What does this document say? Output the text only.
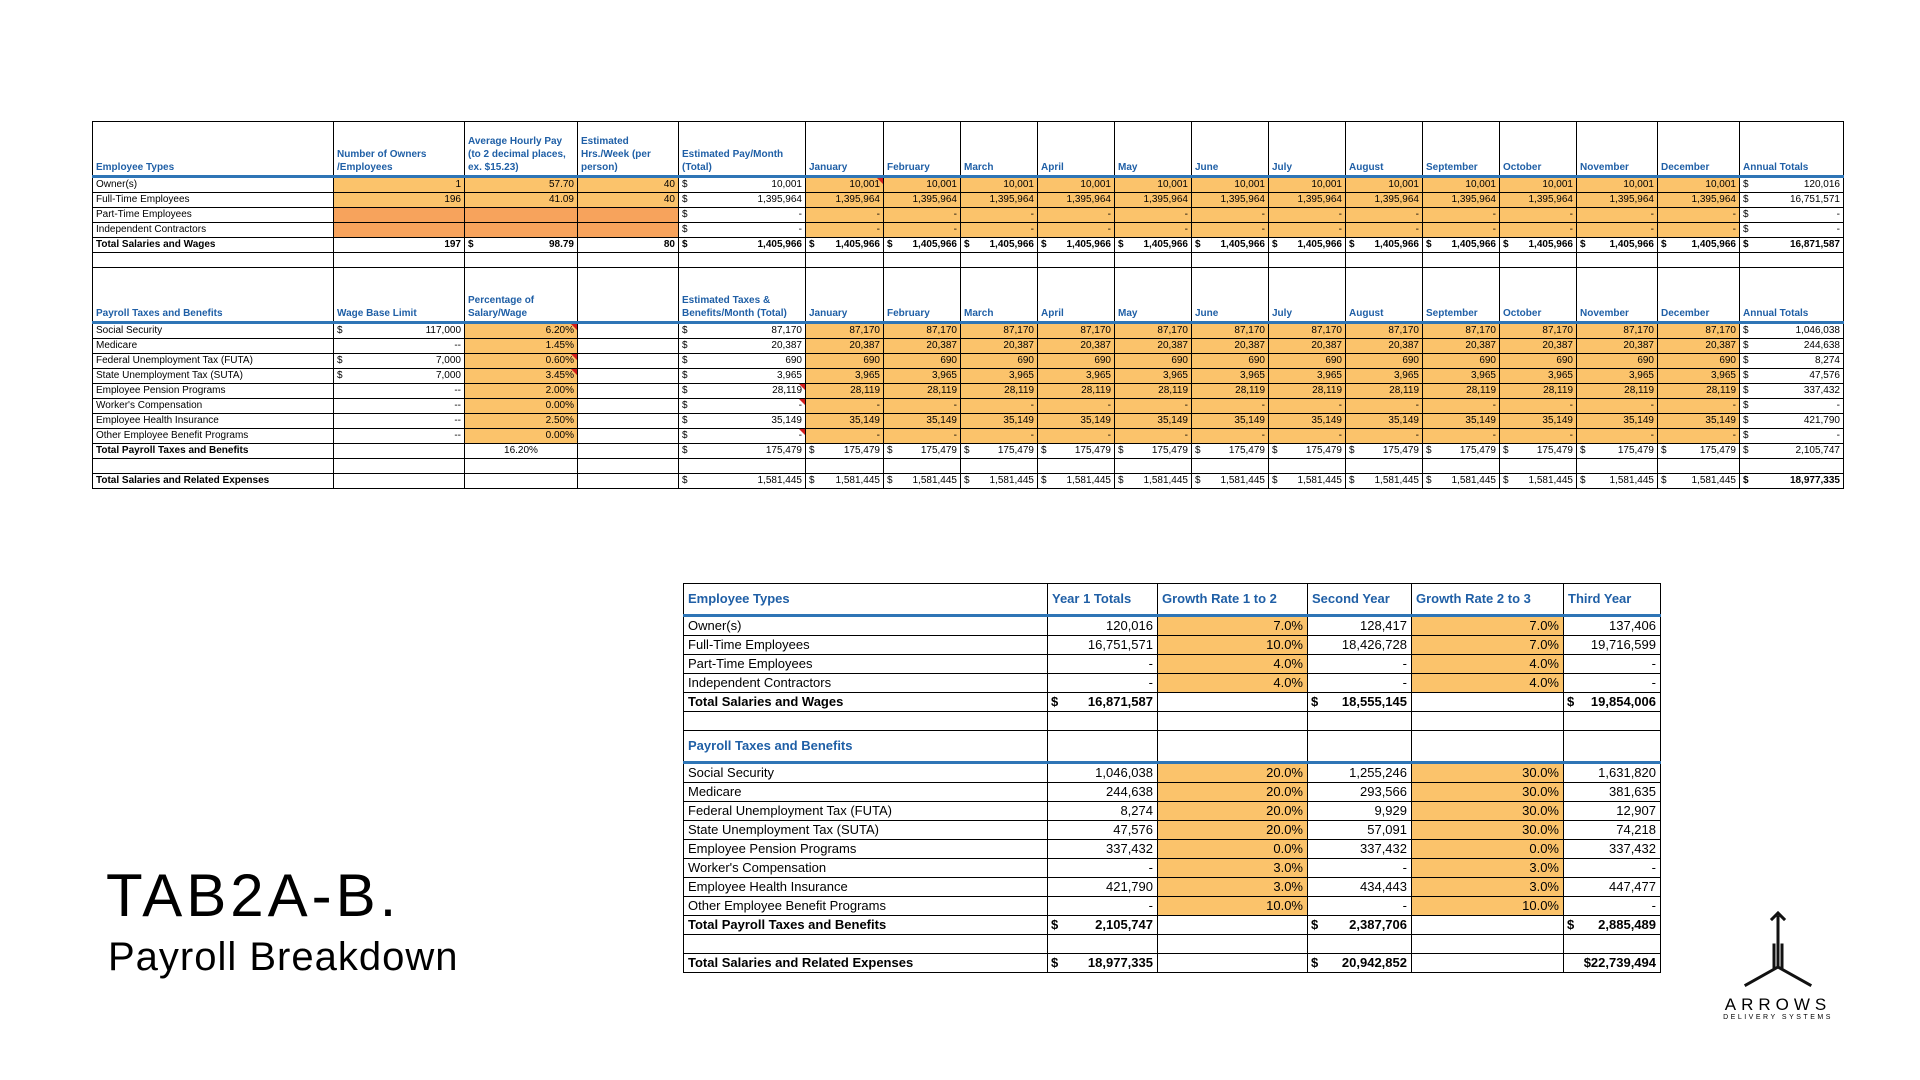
Employee Types	Number of Owners /Employees	Average Hourly Pay (to 2 decimal places, ex. $15.23)	Estimated Hrs./Week (per person)	Estimated Pay/Month (Total)	January	February	March	April	May	June	July	August	September	October	November	December	Annual Totals
Owner(s)	1	57.70	40	$ 10,001	10,001	10,001	10,001	10,001	10,001	10,001	10,001	10,001	10,001	10,001	10,001	10,001	$ 120,016
Full-Time Employees	196	41.09	40	$ 1,395,964	1,395,964	1,395,964	1,395,964	1,395,964	1,395,964	1,395,964	1,395,964	1,395,964	1,395,964	1,395,964	1,395,964	1,395,964	$ 16,751,571
Part-Time Employees				$ -	-	-	-	-	-	-	-	-	-	-	-	-	$ -
Independent Contractors				$ -	-	-	-	-	-	-	-	-	-	-	-	-	$ -
Total Salaries and Wages	197	$ 98.79	80	$ 1,405,966	$ 1,405,966	$ 1,405,966	$ 1,405,966	$ 1,405,966	$ 1,405,966	$ 1,405,966	$ 1,405,966	$ 1,405,966	$ 1,405,966	$ 1,405,966	$ 1,405,966	$ 1,405,966	$ 16,871,587

Payroll Taxes and Benefits	Wage Base Limit	Percentage of Salary/Wage		Estimated Taxes & Benefits/Month (Total)	January	February	March	April	May	June	July	August	September	October	November	December	Annual Totals
Social Security	$ 117,000	6.20%		$ 87,170	87,170	87,170	87,170	87,170	87,170	87,170	87,170	87,170	87,170	87,170	87,170	87,170	$ 1,046,038
Medicare	--	1.45%		$ 20,387	20,387	20,387	20,387	20,387	20,387	20,387	20,387	20,387	20,387	20,387	20,387	20,387	$ 244,638
Federal Unemployment Tax (FUTA)	$ 7,000	0.60%		$ 690	690	690	690	690	690	690	690	690	690	690	690	690	$ 8,274
State Unemployment Tax (SUTA)	$ 7,000	3.45%		$ 3,965	3,965	3,965	3,965	3,965	3,965	3,965	3,965	3,965	3,965	3,965	3,965	3,965	$ 47,576
Employee Pension Programs	--	2.00%		$ 28,119	28,119	28,119	28,119	28,119	28,119	28,119	28,119	28,119	28,119	28,119	28,119	28,119	$ 337,432
Worker's Compensation	--	0.00%		$ -	-	-	-	-	-	-	-	-	-	-	-	-	$ -
Employee Health Insurance	--	2.50%		$ 35,149	35,149	35,149	35,149	35,149	35,149	35,149	35,149	35,149	35,149	35,149	35,149	35,149	$ 421,790
Other Employee Benefit Programs	--	0.00%		$ -	-	-	-	-	-	-	-	-	-	-	-	-	$ -
Total Payroll Taxes and Benefits		16.20%		$ 175,479	$ 175,479	$ 175,479	$ 175,479	$ 175,479	$ 175,479	$ 175,479	$ 175,479	$ 175,479	$ 175,479	$ 175,479	$ 175,479	$ 175,479	$ 2,105,747

Total Salaries and Related Expenses				$ 1,581,445	$ 1,581,445	$ 1,581,445	$ 1,581,445	$ 1,581,445	$ 1,581,445	$ 1,581,445	$ 1,581,445	$ 1,581,445	$ 1,581,445	$ 1,581,445	$ 1,581,445	$ 1,581,445	$ 18,977,335
Employee Types	Year 1 Totals	Growth Rate 1 to 2	Second Year	Growth Rate 2 to 3	Third Year
Owner(s)	120,016	7.0%	128,417	7.0%	137,406
Full-Time Employees	16,751,571	10.0%	18,426,728	7.0%	19,716,599
Part-Time Employees	-	4.0%	-	4.0%	-
Independent Contractors	-	4.0%	-	4.0%	-
Total Salaries and Wages	$ 16,871,587		$ 18,555,145		$ 19,854,006

Payroll Taxes and Benefits					
Social Security	1,046,038	20.0%	1,255,246	30.0%	1,631,820
Medicare	244,638	20.0%	293,566	30.0%	381,635
Federal Unemployment Tax (FUTA)	8,274	20.0%	9,929	30.0%	12,907
State Unemployment Tax (SUTA)	47,576	20.0%	57,091	30.0%	74,218
Employee Pension Programs	337,432	0.0%	337,432	0.0%	337,432
Worker's Compensation	-	3.0%	-	3.0%	-
Employee Health Insurance	421,790	3.0%	434,443	3.0%	447,477
Other Employee Benefit Programs	-	10.0%	-	10.0%	-
Total Payroll Taxes and Benefits	$ 2,105,747		$ 2,387,706		$ 2,885,489

Total Salaries and Related Expenses	$ 18,977,335		$ 20,942,852		$22,739,494
TAB2A-B.
Payroll Breakdown
ARROWS
DELIVERY SYSTEMS
